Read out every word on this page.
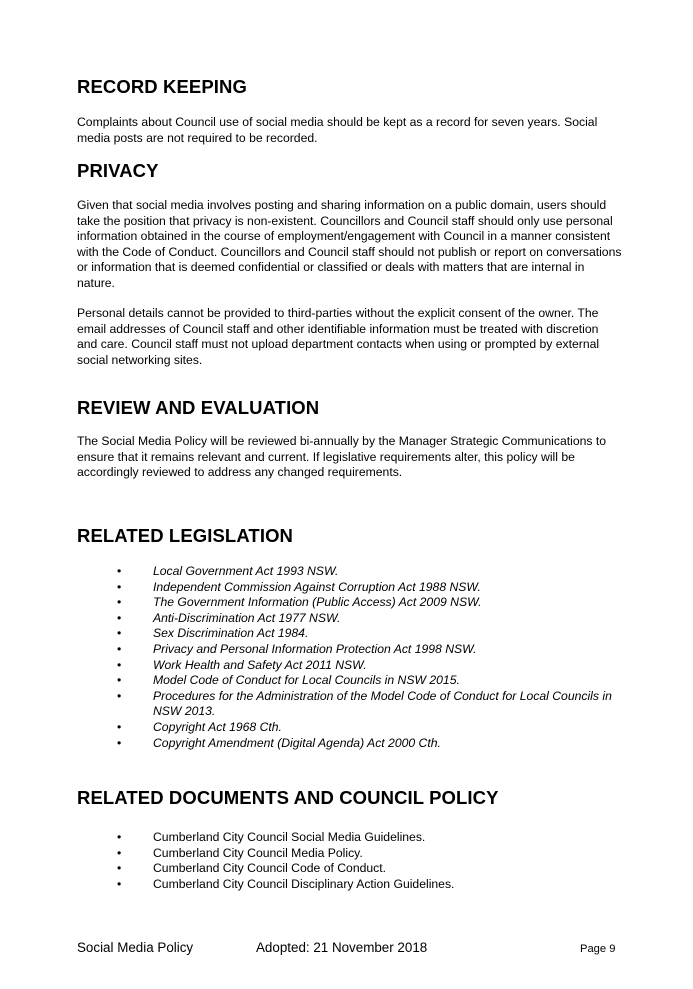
RECORD KEEPING

Complaints about Council use of social media should be kept as a record for seven years. Social media posts are not required to be recorded.

PRIVACY

Given that social media involves posting and sharing information on a public domain, users should take the position that privacy is non-existent. Councillors and Council staff should only use personal information obtained in the course of employment/engagement with Council in a manner consistent with the Code of Conduct. Councillors and Council staff should not publish or report on conversations or information that is deemed confidential or classified or deals with matters that are internal in nature.

Personal details cannot be provided to third-parties without the explicit consent of the owner. The email addresses of Council staff and other identifiable information must be treated with discretion and care. Council staff must not upload department contacts when using or prompted by external social networking sites.

REVIEW AND EVALUATION

The Social Media Policy will be reviewed bi-annually by the Manager Strategic Communications to ensure that it remains relevant and current. If legislative requirements alter, this policy will be accordingly reviewed to address any changed requirements.

RELATED LEGISLATION
•	Local Government Act 1993 NSW.
•	Independent Commission Against Corruption Act 1988 NSW.
•	The Government Information (Public Access) Act 2009 NSW.
•	Anti-Discrimination Act 1977 NSW.
•	Sex Discrimination Act 1984.
•	Privacy and Personal Information Protection Act 1998 NSW.
•	Work Health and Safety Act 2011 NSW.
•	Model Code of Conduct for Local Councils in NSW 2015.
•	Procedures for the Administration of the Model Code of Conduct for Local Councils in NSW 2013.
•	Copyright Act 1968 Cth.
•	Copyright Amendment (Digital Agenda) Act 2000 Cth.
RELATED DOCUMENTS AND COUNCIL POLICY
•	Cumberland City Council Social Media Guidelines.
•	Cumberland City Council Media Policy.
•	Cumberland City Council Code of Conduct.
•	Cumberland City Council Disciplinary Action Guidelines.
Social Media Policy	Adopted: 21 November 2018	Page 9
